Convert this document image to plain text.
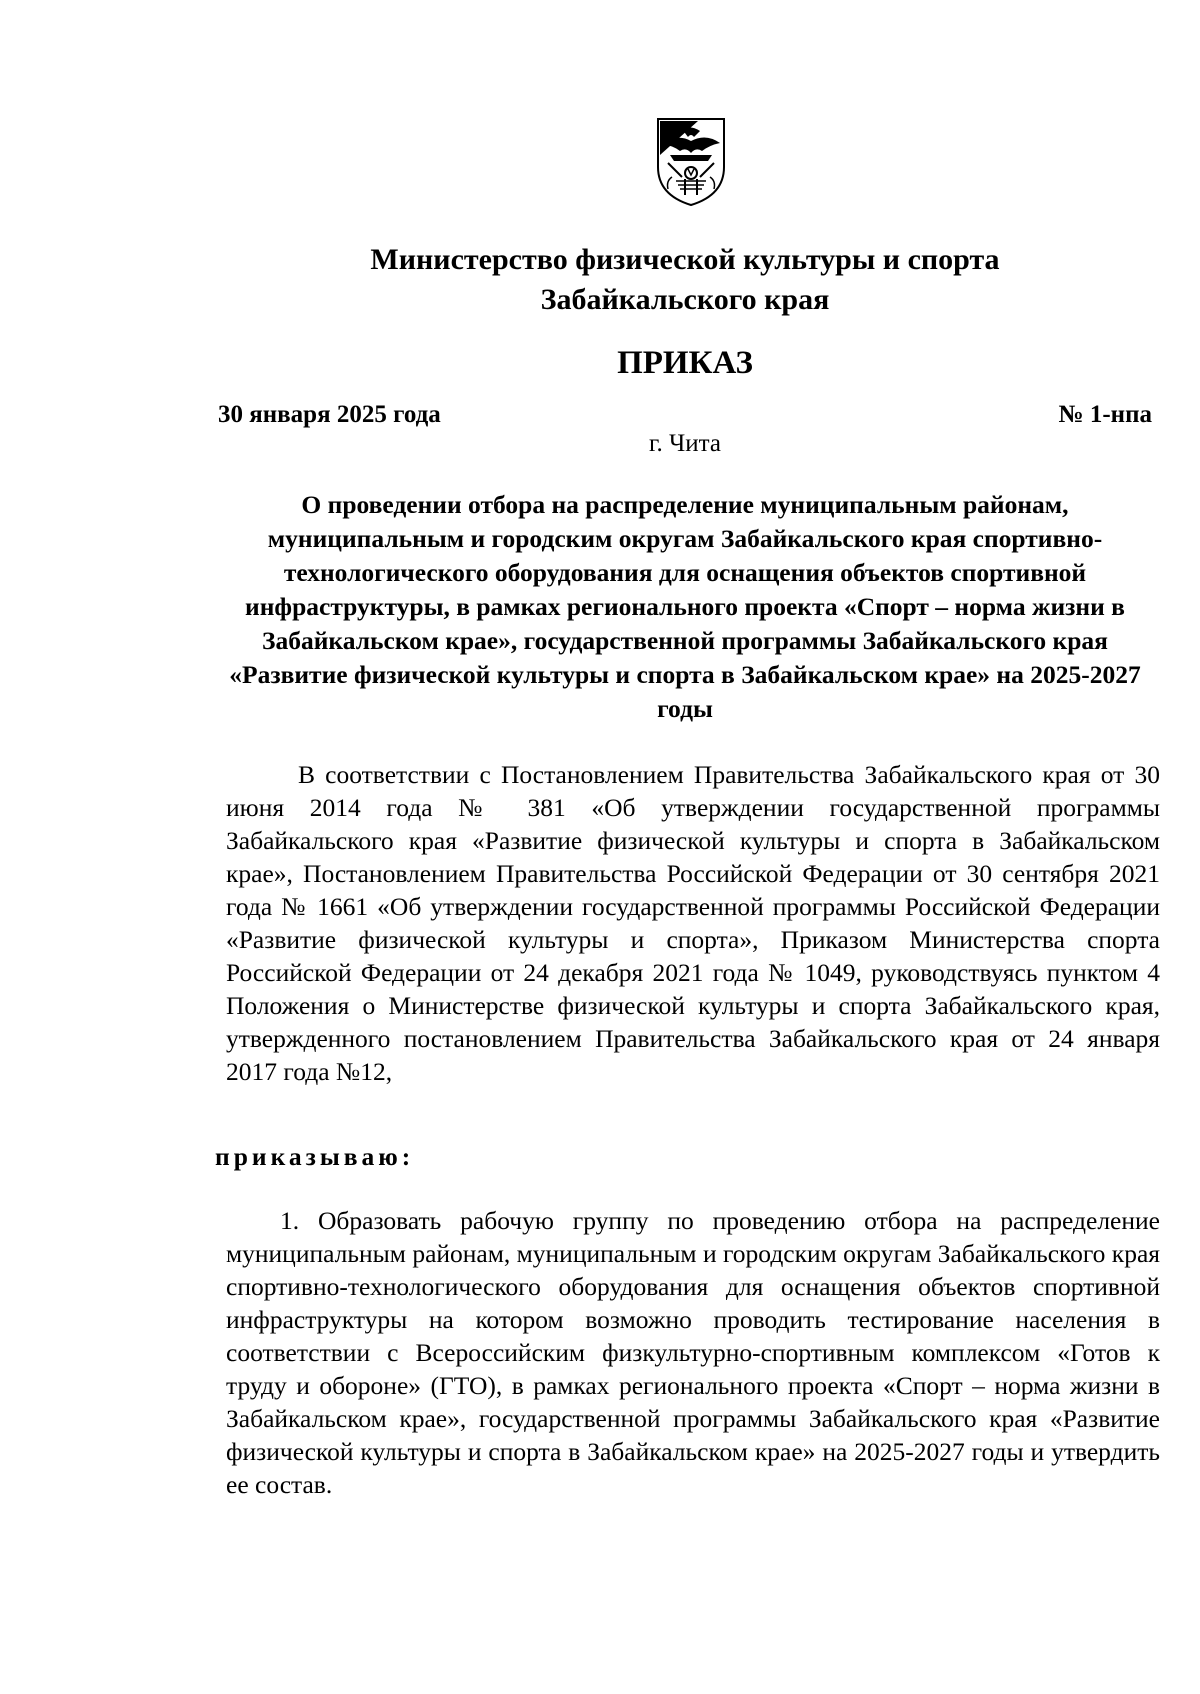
Министерство физической культуры и спорта
Забайкальского края
ПРИКАЗ
30 января 2025 года	№ 1-нпа
г. Чита
О проведении отбора на распределение муниципальным районам, муниципальным и городским округам Забайкальского края спортивно-технологического оборудования для оснащения объектов спортивной инфраструктуры, в рамках регионального проекта «Спорт – норма жизни в Забайкальском крае», государственной программы Забайкальского края «Развитие физической культуры и спорта в Забайкальском крае» на 2025-2027 годы

В соответствии с Постановлением Правительства Забайкальского края от 30 июня 2014 года № 381 «Об утверждении государственной программы Забайкальского края «Развитие физической культуры и спорта в Забайкальском крае», Постановлением Правительства Российской Федерации от 30 сентября 2021 года № 1661 «Об утверждении государственной программы Российской Федерации «Развитие физической культуры и спорта», Приказом Министерства спорта Российской Федерации от 24 декабря 2021 года № 1049, руководствуясь пунктом 4 Положения о Министерстве физической культуры и спорта Забайкальского края, утвержденного постановлением Правительства Забайкальского края от 24 января 2017 года №12,

приказываю:

1. Образовать рабочую группу по проведению отбора на распределение муниципальным районам, муниципальным и городским округам Забайкальского края спортивно-технологического оборудования для оснащения объектов спортивной инфраструктуры на котором возможно проводить тестирование населения в соответствии с Всероссийским физкультурно-спортивным комплексом «Готов к труду и обороне» (ГТО), в рамках регионального проекта «Спорт – норма жизни в Забайкальском крае», государственной программы Забайкальского края «Развитие физической культуры и спорта в Забайкальском крае» на 2025-2027 годы и утвердить ее состав.
